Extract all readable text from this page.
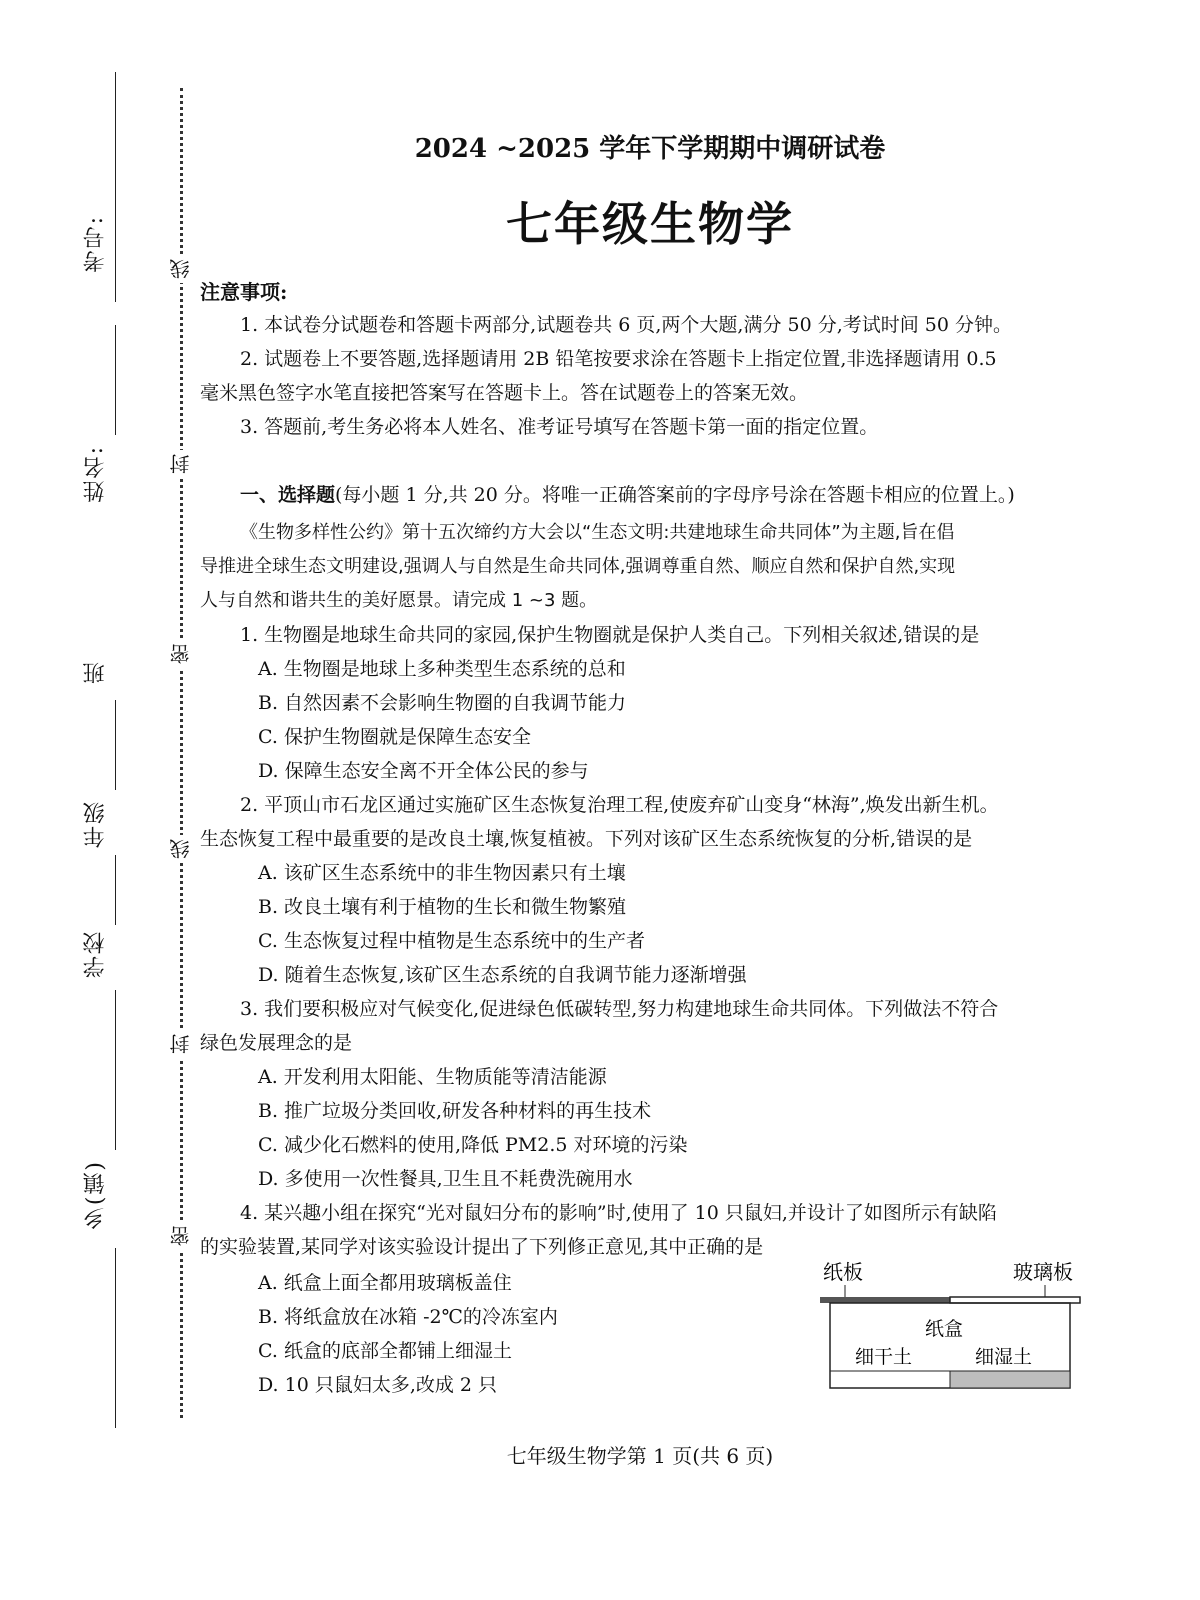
考号:
姓名:
班
年级
学校
乡(镇)
线
封
密
线
封
密
2024 ~2025 学年下学期期中调研试卷
七年级生物学
注意事项:
1. 本试卷分试题卷和答题卡两部分,试题卷共 6 页,两个大题,满分 50 分,考试时间 50 分钟。
2. 试题卷上不要答题,选择题请用 2B 铅笔按要求涂在答题卡上指定位置,非选择题请用 0.5
毫米黑色签字水笔直接把答案写在答题卡上。答在试题卷上的答案无效。
3. 答题前,考生务必将本人姓名、准考证号填写在答题卡第一面的指定位置。
一、选择题(每小题 1 分,共 20 分。将唯一正确答案前的字母序号涂在答题卡相应的位置上。)
《生物多样性公约》第十五次缔约方大会以“生态文明:共建地球生命共同体”为主题,旨在倡
导推进全球生态文明建设,强调人与自然是生命共同体,强调尊重自然、顺应自然和保护自然,实现
人与自然和谐共生的美好愿景。请完成 1 ~3 题。
1. 生物圈是地球生命共同的家园,保护生物圈就是保护人类自己。下列相关叙述,错误的是
A. 生物圈是地球上多种类型生态系统的总和
B. 自然因素不会影响生物圈的自我调节能力
C. 保护生物圈就是保障生态安全
D. 保障生态安全离不开全体公民的参与
2. 平顶山市石龙区通过实施矿区生态恢复治理工程,使废弃矿山变身“林海”,焕发出新生机。
生态恢复工程中最重要的是改良土壤,恢复植被。下列对该矿区生态系统恢复的分析,错误的是
A. 该矿区生态系统中的非生物因素只有土壤
B. 改良土壤有利于植物的生长和微生物繁殖
C. 生态恢复过程中植物是生态系统中的生产者
D. 随着生态恢复,该矿区生态系统的自我调节能力逐渐增强
3. 我们要积极应对气候变化,促进绿色低碳转型,努力构建地球生命共同体。下列做法不符合
绿色发展理念的是
A. 开发利用太阳能、生物质能等清洁能源
B. 推广垃圾分类回收,研发各种材料的再生技术
C. 减少化石燃料的使用,降低 PM2.5 对环境的污染
D. 多使用一次性餐具,卫生且不耗费洗碗用水
4. 某兴趣小组在探究“光对鼠妇分布的影响”时,使用了 10 只鼠妇,并设计了如图所示有缺陷
的实验装置,某同学对该实验设计提出了下列修正意见,其中正确的是
A. 纸盒上面全都用玻璃板盖住
B. 将纸盒放在冰箱 -2℃的冷冻室内
C. 纸盒的底部全都铺上细湿土
D. 10 只鼠妇太多,改成 2 只
纸板	玻璃板
纸盒
细干土	细湿土
七年级生物学第 1 页(共 6 页)
